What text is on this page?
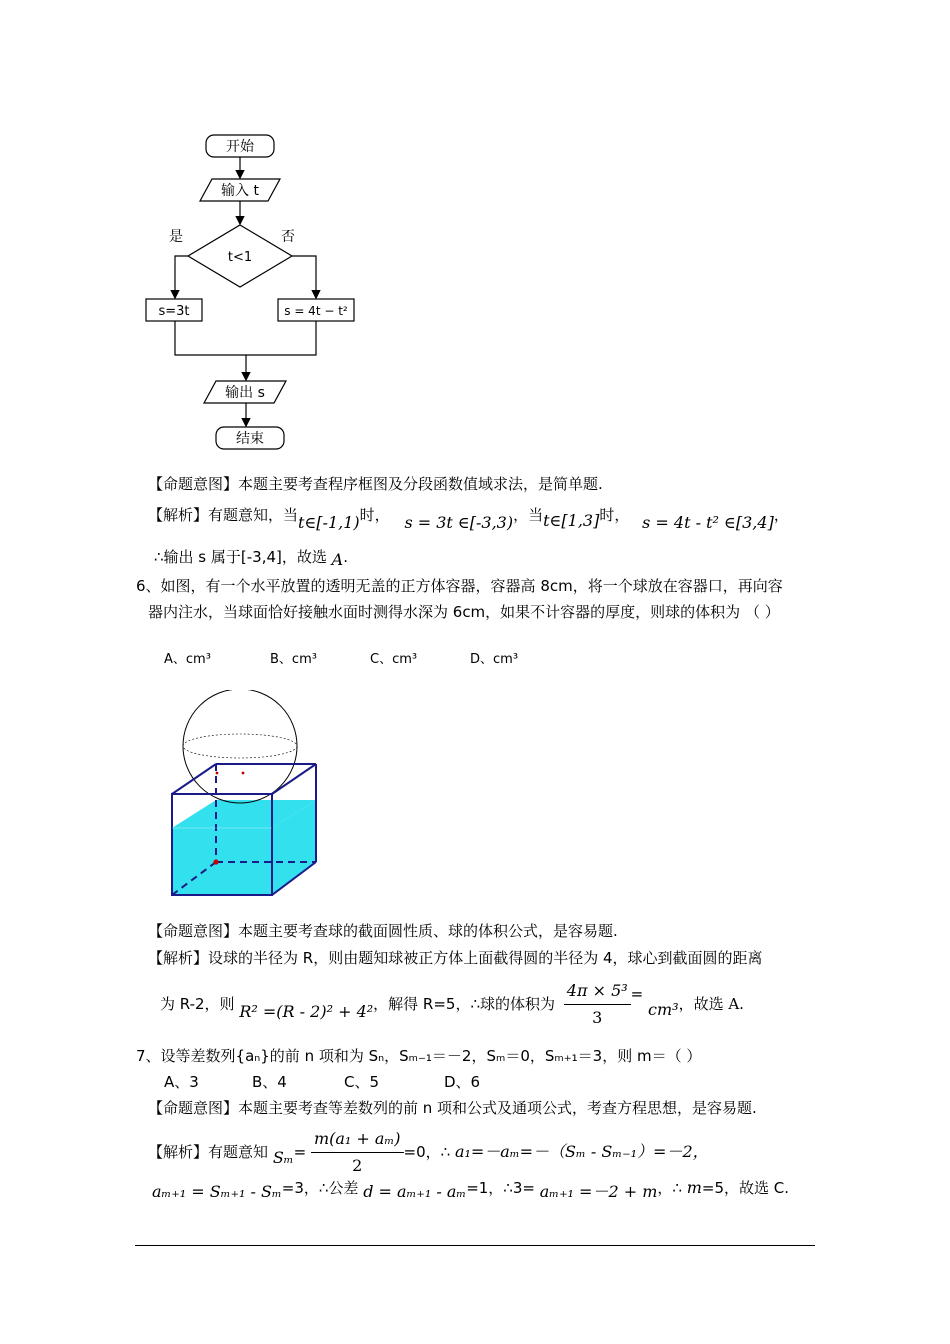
开始
输入 t
是	否
t<1
s=3t	s = 4t − t²
输出 s
结束
【命题意图】本题主要考查程序框图及分段函数值域求法，是简单题.
【解析】有题意知，当t∈[-1,1)时， s = 3t ∈[-3,3)，当t∈[1,3]时， s = 4t - t² ∈[3,4]，
∴输出 s 属于[-3,4]，故选 A.
6、如图，有一个水平放置的透明无盖的正方体容器，容器高 8cm，将一个球放在容器口，再向容
器内注水，当球面恰好接触水面时测得水深为 6cm，如果不计容器的厚度，则球的体积为 （ ）
A、cm³	B、cm³	C、cm³	D、cm³
【命题意图】本题主要考查球的截面圆性质、球的体积公式，是容易题.
【解析】设球的半径为 R，则由题知球被正方体上面截得圆的半径为 4，球心到截面圆的距离
为 R-2，则 R² =(R - 2)² + 4²，解得 R=5，∴球的体积为 $\frac{\text{4π × 5³}}{3} = cm^3$，故选 A.
7、设等差数列{aₙ}的前 n 项和为 Sₙ，Sₘ₋₁＝－2，Sₘ＝0，Sₘ₊₁＝3，则 m＝（ ）
A、3	B、4	C、5	D、6
【命题意图】本题主要考查等差数列的前 n 项和公式及通项公式，考查方程思想，是容易题.
【解析】有题意知 $S_m= \frac{\text{m(a₁ + aₘ)}}{2} =0$，∴ a₁=－aₘ=－（Sₘ - Sₘ₋₁）=－2，
aₘ₊₁ = Sₘ₊₁ - Sₘ=3，∴公差 d = aₘ₊₁ - aₘ=1，∴3= aₘ₊₁ =－2 + m，∴ m=5，故选 C.
